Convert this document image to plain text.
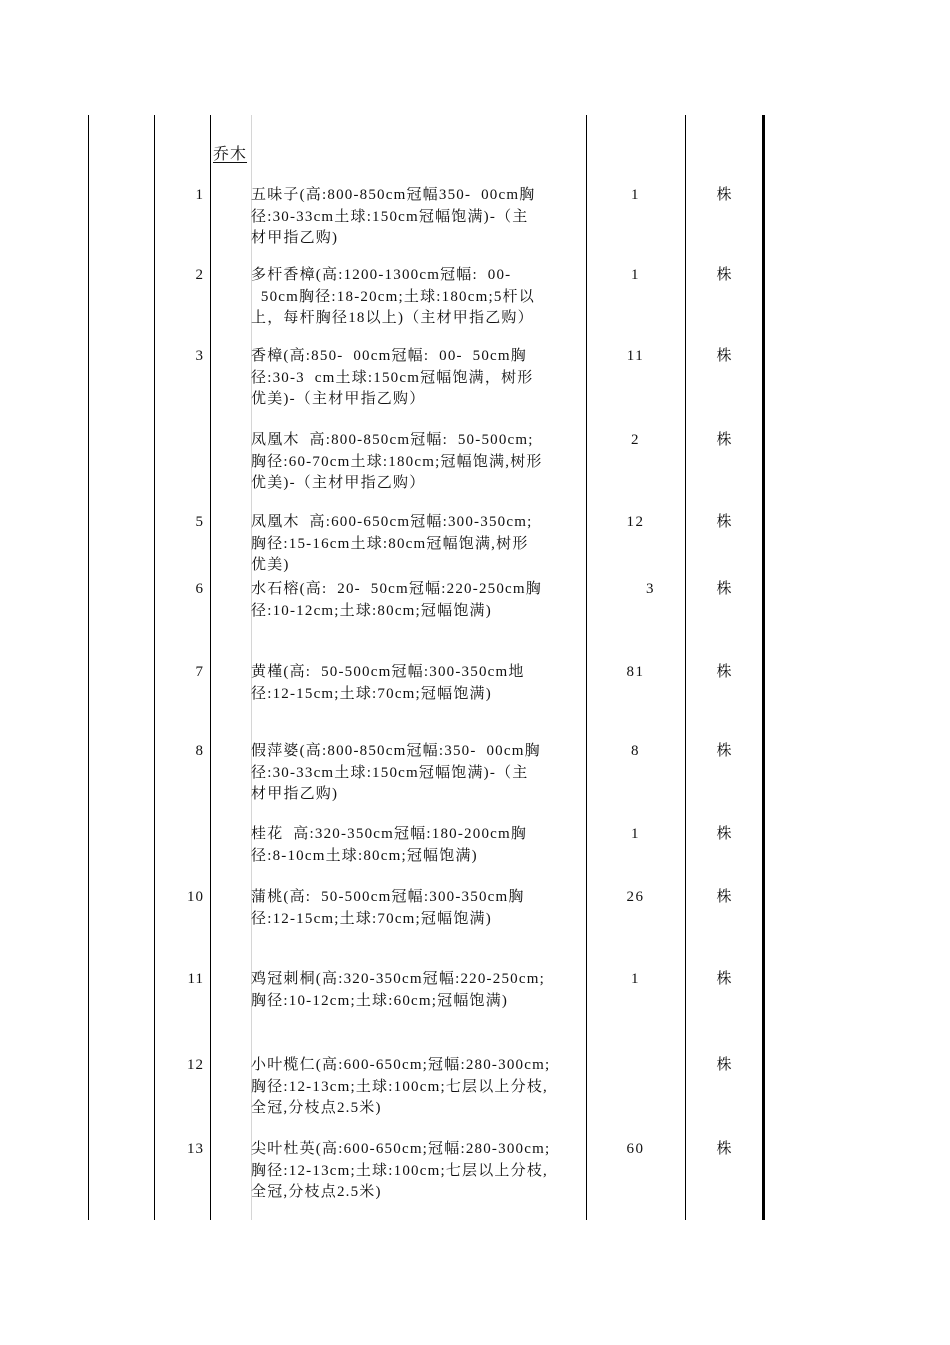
乔木
1	五味子(高:800-850cm冠幅350-  00cm胸
径:30-33cm土球:150cm冠幅饱满)-（主
材甲指乙购)
1	株
2	多杆香樟(高:1200-1300cm冠幅:  00-
50cm胸径:18-20cm;土球:180cm;5杆以
上，每杆胸径18以上)（主材甲指乙购）
1	株
3	香樟(高:850-  00cm冠幅:  00-  50cm胸
径:30-3  cm土球:150cm冠幅饱满，树形
优美)-（主材甲指乙购）
11	株
凤凰木  高:800-850cm冠幅:  50-500cm;
胸径:60-70cm土球:180cm;冠幅饱满,树形
优美)-（主材甲指乙购）
2	株
5	凤凰木  高:600-650cm冠幅:300-350cm;
胸径:15-16cm土球:80cm冠幅饱满,树形
优美)
12	株
6	水石榕(高:  20-  50cm冠幅:220-250cm胸
径:10-12cm;土球:80cm;冠幅饱满)
3	株
7	黄槿(高:  50-500cm冠幅:300-350cm地
径:12-15cm;土球:70cm;冠幅饱满)
81	株
8	假萍婆(高:800-850cm冠幅:350-  00cm胸
径:30-33cm土球:150cm冠幅饱满)-（主
材甲指乙购)
8	株
桂花  高:320-350cm冠幅:180-200cm胸
径:8-10cm土球:80cm;冠幅饱满)
1	株
10	蒲桃(高:  50-500cm冠幅:300-350cm胸
径:12-15cm;土球:70cm;冠幅饱满)
26	株
11	鸡冠刺桐(高:320-350cm冠幅:220-250cm;
胸径:10-12cm;土球:60cm;冠幅饱满)
1	株
12	小叶榄仁(高:600-650cm;冠幅:280-300cm;
胸径:12-13cm;土球:100cm;七层以上分枝,
全冠,分枝点2.5米)
株
13	尖叶杜英(高:600-650cm;冠幅:280-300cm;
胸径:12-13cm;土球:100cm;七层以上分枝,
全冠,分枝点2.5米)
60	株
